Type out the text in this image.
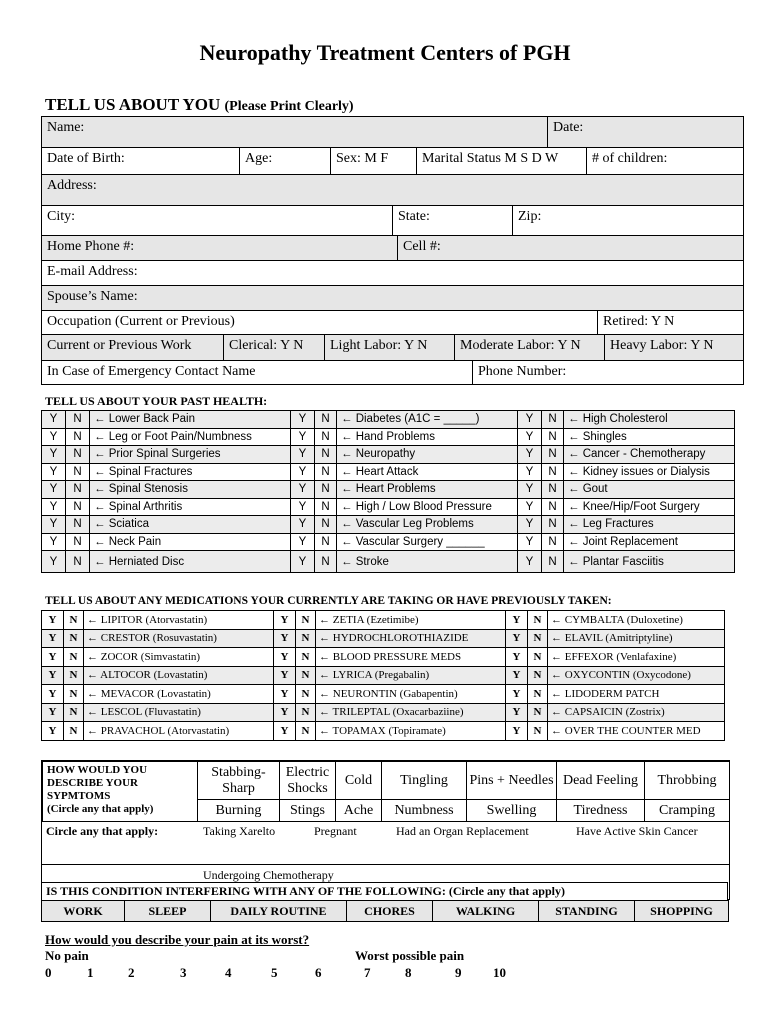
Neuropathy Treatment Centers of PGH
TELL US ABOUT YOU (Please Print Clearly)
Name:	Date:
Date of Birth:	Age:	Sex: M F	Marital Status M S D W	# of children:
Address:
City:	State:	Zip:
Home Phone #:	Cell #:
E-mail Address:
Spouse’s Name:
Occupation (Current or Previous)	Retired: Y N
Current or Previous Work	Clerical: Y N	Light Labor: Y N	Moderate Labor: Y N	Heavy Labor: Y N
In Case of Emergency Contact Name	Phone Number:
TELL US ABOUT YOUR PAST HEALTH:
Y	N	← Lower Back Pain	Y	N	← Diabetes (A1C = _____)	Y	N	← High Cholesterol
Y	N	← Leg or Foot Pain/Numbness	Y	N	← Hand Problems	Y	N	← Shingles
Y	N	← Prior Spinal Surgeries	Y	N	← Neuropathy	Y	N	← Cancer - Chemotherapy
Y	N	← Spinal Fractures	Y	N	← Heart Attack	Y	N	← Kidney issues or Dialysis
Y	N	← Spinal Stenosis	Y	N	← Heart Problems	Y	N	← Gout
Y	N	← Spinal Arthritis	Y	N	← High / Low Blood Pressure	Y	N	← Knee/Hip/Foot Surgery
Y	N	← Sciatica	Y	N	← Vascular Leg Problems	Y	N	← Leg Fractures
Y	N	← Neck Pain	Y	N	← Vascular Surgery ______	Y	N	← Joint Replacement
Y	N	← Herniated Disc	Y	N	← Stroke	Y	N	← Plantar Fasciitis
TELL US ABOUT ANY MEDICATIONS YOUR CURRENTLY ARE TAKING OR HAVE PREVIOUSLY TAKEN:
Y	N	← LIPITOR (Atorvastatin)	Y	N	← ZETIA (Ezetimibe)	Y	N	← CYMBALTA (Duloxetine)
Y	N	← CRESTOR (Rosuvastatin)	Y	N	← HYDROCHLOROTHIAZIDE	Y	N	← ELAVIL (Amitriptyline)
Y	N	← ZOCOR (Simvastatin)	Y	N	← BLOOD PRESSURE MEDS	Y	N	← EFFEXOR (Venlafaxine)
Y	N	← ALTOCOR (Lovastatin)	Y	N	← LYRICA (Pregabalin)	Y	N	← OXYCONTIN (Oxycodone)
Y	N	← MEVACOR (Lovastatin)	Y	N	← NEURONTIN (Gabapentin)	Y	N	← LIDODERM PATCH
Y	N	← LESCOL (Fluvastatin)	Y	N	← TRILEPTAL (Oxacarbaziine)	Y	N	← CAPSAICIN (Zostrix)
Y	N	← PRAVACHOL (Atorvastatin)	Y	N	← TOPAMAX (Topiramate)	Y	N	← OVER THE COUNTER MED
HOW WOULD YOU
DESCRIBE YOUR
SYPMTOMS
(Circle any that apply)	Stabbing-Sharp	Electric Shocks	Cold	Tingling	Pins + Needles	Dead Feeling	Throbbing
	Burning	Stings	Ache	Numbness	Swelling	Tiredness	Cramping
Circle any that apply:	Taking Xarelto	Pregnant	Had an Organ Replacement	Have Active Skin Cancer
Undergoing Chemotherapy
IS THIS CONDITION INTERFERING WITH ANY OF THE FOLLOWING: (Circle any that apply)
WORK	SLEEP	DAILY ROUTINE	CHORES	WALKING	STANDING	SHOPPING
How would you describe your pain at its worst?
No pain	Worst possible pain
0	1	2	3	4	5	6	7	8	9 10
